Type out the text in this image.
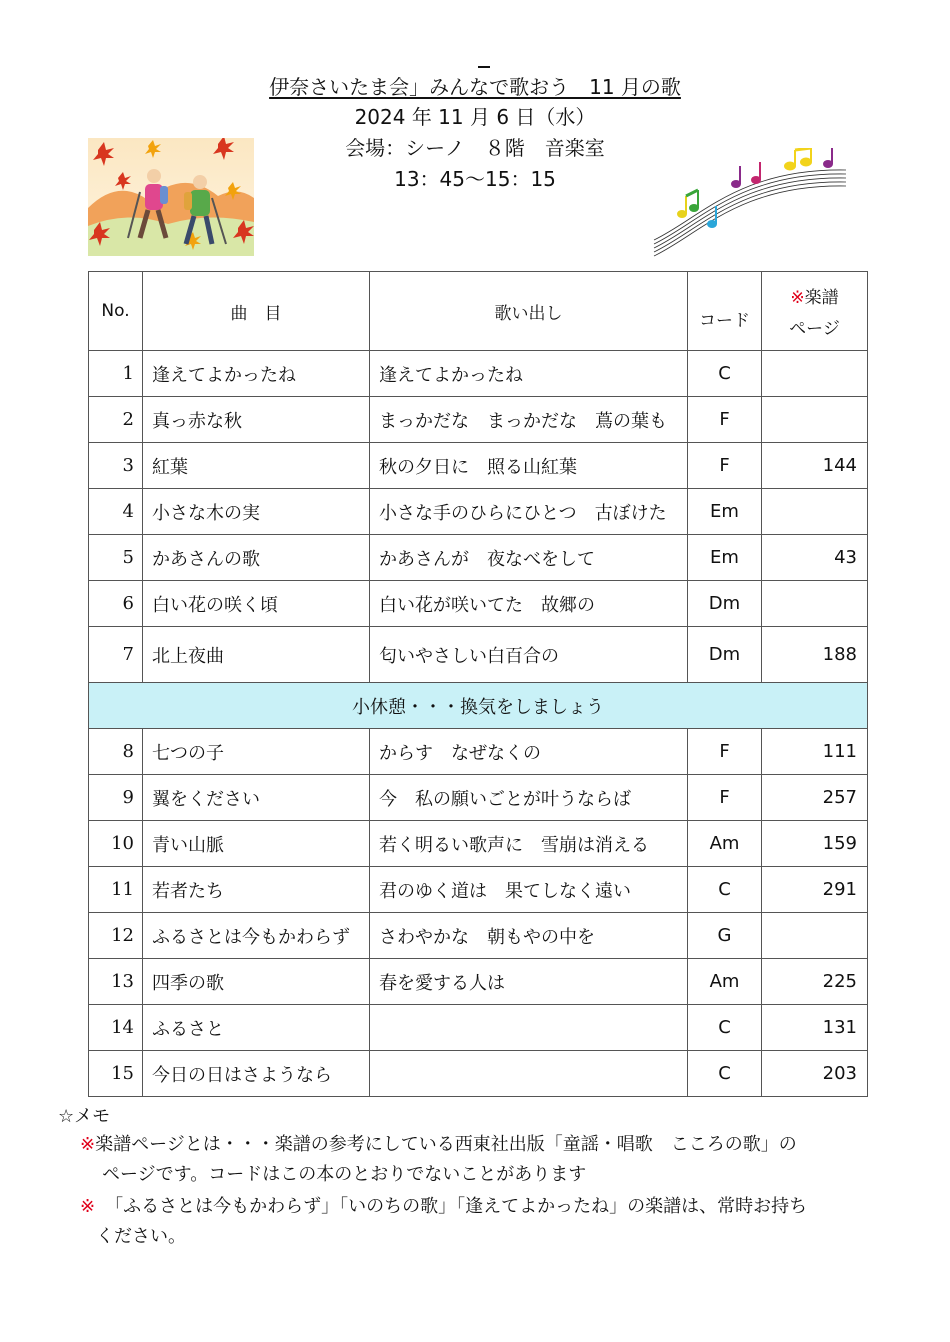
伊奈さいたま会」みんなで歌おう　11 月の歌
2024 年 11 月 6 日（水）
会場：シーノ　８階　音楽室
13：45～15：15
No.	曲　目	歌い出し	コード	※楽譜
ページ

1	逢えてよかったね	逢えてよかったね	C	
2	真っ赤な秋	まっかだな　まっかだな　蔦の葉も	F	
3	紅葉	秋の夕日に　照る山紅葉	F	144
4	小さな木の実	小さな手のひらにひとつ　古ぼけた	Em	
5	かあさんの歌	かあさんが　夜なべをして	Em	43
6	白い花の咲く頃	白い花が咲いてた　故郷の	Dm	
7	北上夜曲	匂いやさしい白百合の	Dm	188
小休憩・・・換気をしましょう				
8	七つの子	からす　なぜなくの	F	111
9	翼をください	今　私の願いごとが叶うならば	F	257
10	青い山脈	若く明るい歌声に　雪崩は消える	Am	159
11	若者たち	君のゆく道は　果てしなく遠い	C	291
12	ふるさとは今もかわらず	さわやかな　朝もやの中を	G	
13	四季の歌	春を愛する人は	Am	225
14	ふるさと		C	131
15	今日の日はさようなら		C	203
☆メモ
※楽譜ページとは・・・楽譜の参考にしている西東社出版「童謡・唱歌　こころの歌」の
ページです。コードはこの本のとおりでないことがあります
※ 「ふるさとは今もかわらず」「いのちの歌」「逢えてよかったね」の楽譜は、常時お持ち
ください。
